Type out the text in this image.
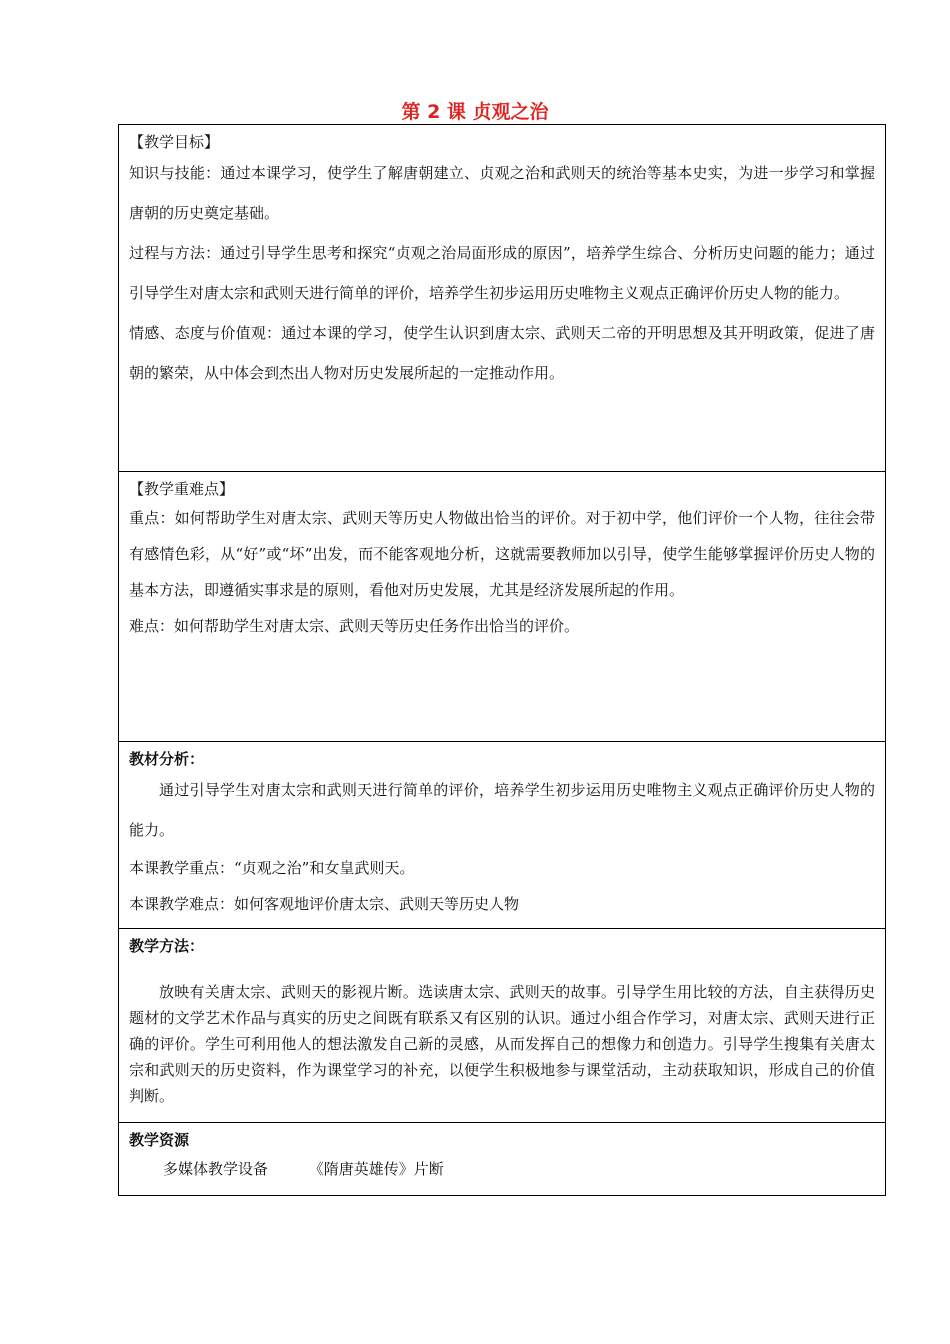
第 2 课 贞观之治
【教学目标】

知识与技能：通过本课学习，使学生了解唐朝建立、贞观之治和武则天的统治等基本史实，为进一步学习和掌握唐朝的历史奠定基础。

过程与方法：通过引导学生思考和探究“贞观之治局面形成的原因”，培养学生综合、分析历史问题的能力；通过引导学生对唐太宗和武则天进行简单的评价，培养学生初步运用历史唯物主义观点正确评价历史人物的能力。

情感、态度与价值观：通过本课的学习，使学生认识到唐太宗、武则天二帝的开明思想及其开明政策，促进了唐朝的繁荣，从中体会到杰出人物对历史发展所起的一定推动作用。

【教学重难点】

重点：如何帮助学生对唐太宗、武则天等历史人物做出恰当的评价。对于初中学，他们评价一个人物，往往会带有感情色彩，从“好”或“坏”出发，而不能客观地分析，这就需要教师加以引导，使学生能够掌握评价历史人物的基本方法，即遵循实事求是的原则，看他对历史发展，尤其是经济发展所起的作用。

难点：如何帮助学生对唐太宗、武则天等历史任务作出恰当的评价。

教材分析：

通过引导学生对唐太宗和武则天进行简单的评价，培养学生初步运用历史唯物主义观点正确评价历史人物的能力。

本课教学重点：“贞观之治”和女皇武则天。

本课教学难点：如何客观地评价唐太宗、武则天等历史人物

教学方法：

放映有关唐太宗、武则天的影视片断。选读唐太宗、武则天的故事。引导学生用比较的方法，自主获得历史题材的文学艺术作品与真实的历史之间既有联系又有区别的认识。通过小组合作学习，对唐太宗、武则天进行正确的评价。学生可利用他人的想法激发自己新的灵感，从而发挥自己的想像力和创造力。引导学生搜集有关唐太宗和武则天的历史资料，作为课堂学习的补充，以便学生积极地参与课堂活动，主动获取知识，形成自己的价值判断。

教学资源
多媒体教学设备	《隋唐英雄传》片断
